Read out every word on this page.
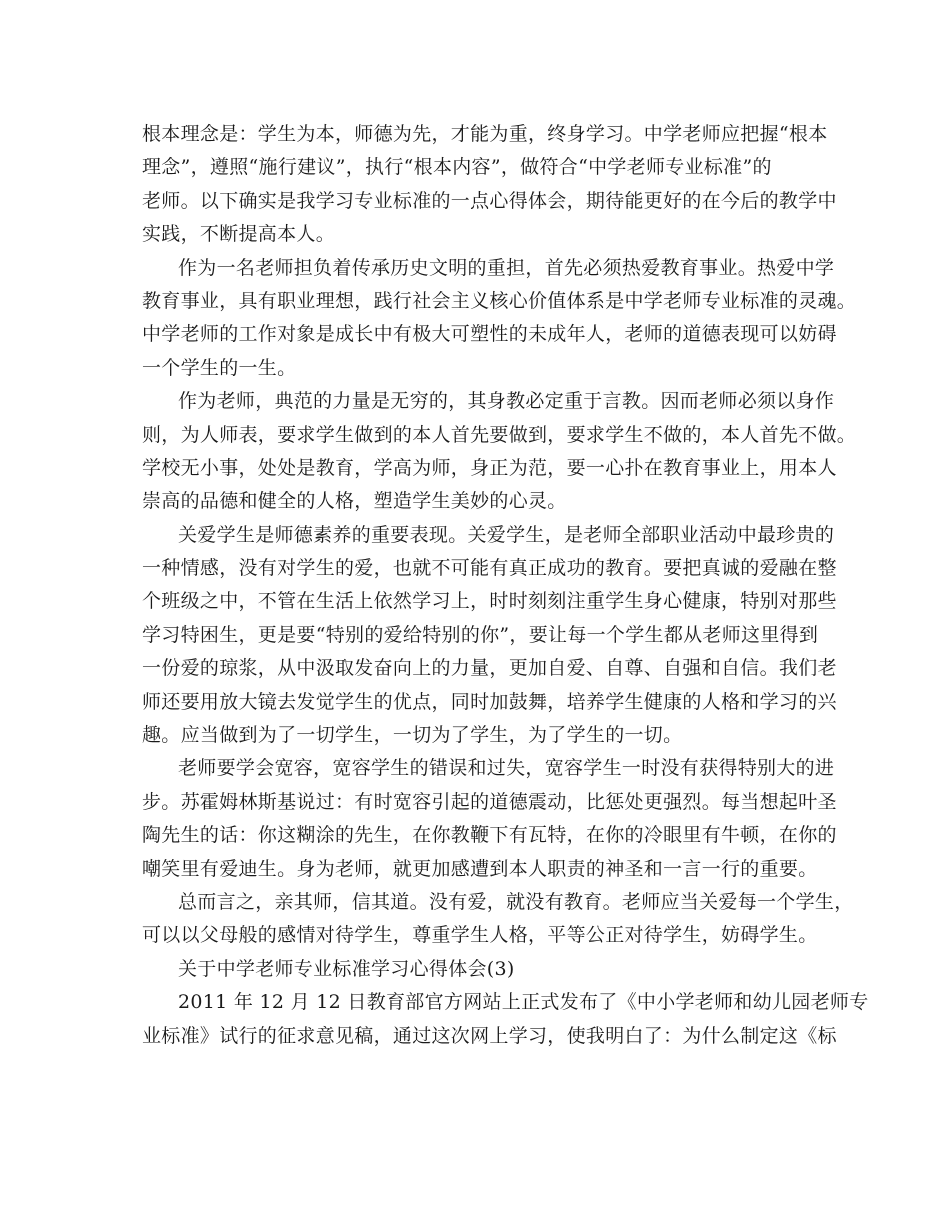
根本理念是：学生为本，师德为先，才能为重，终身学习。中学老师应把握“根本
理念”，遵照“施行建议”，执行“根本内容”，做符合“中学老师专业标准”的
老师。以下确实是我学习专业标准的一点心得体会，期待能更好的在今后的教学中
实践，不断提高本人。
作为一名老师担负着传承历史文明的重担，首先必须热爱教育事业。热爱中学
教育事业，具有职业理想，践行社会主义核心价值体系是中学老师专业标准的灵魂。
中学老师的工作对象是成长中有极大可塑性的未成年人，老师的道德表现可以妨碍
一个学生的一生。
作为老师，典范的力量是无穷的，其身教必定重于言教。因而老师必须以身作
则，为人师表，要求学生做到的本人首先要做到，要求学生不做的，本人首先不做。
学校无小事，处处是教育，学高为师，身正为范，要一心扑在教育事业上，用本人
崇高的品德和健全的人格，塑造学生美妙的心灵。
关爱学生是师德素养的重要表现。关爱学生，是老师全部职业活动中最珍贵的
一种情感，没有对学生的爱，也就不可能有真正成功的教育。要把真诚的爱融在整
个班级之中，不管在生活上依然学习上，时时刻刻注重学生身心健康，特别对那些
学习特困生，更是要“特别的爱给特别的你”，要让每一个学生都从老师这里得到
一份爱的琼浆，从中汲取发奋向上的力量，更加自爱、自尊、自强和自信。我们老
师还要用放大镜去发觉学生的优点，同时加鼓舞，培养学生健康的人格和学习的兴
趣。应当做到为了一切学生，一切为了学生，为了学生的一切。
老师要学会宽容，宽容学生的错误和过失，宽容学生一时没有获得特别大的进
步。苏霍姆林斯基说过：有时宽容引起的道德震动，比惩处更强烈。每当想起叶圣
陶先生的话：你这糊涂的先生，在你教鞭下有瓦特，在你的冷眼里有牛顿，在你的
嘲笑里有爱迪生。身为老师，就更加感遭到本人职责的神圣和一言一行的重要。
总而言之，亲其师，信其道。没有爱，就没有教育。老师应当关爱每一个学生，
可以以父母般的感情对待学生，尊重学生人格，平等公正对待学生，妨碍学生。
关于中学老师专业标准学习心得体会(3)
2011 年 12 月 12 日教育部官方网站上正式发布了《中小学老师和幼儿园老师专
业标准》试行的征求意见稿，通过这次网上学习，使我明白了：为什么制定这《标
